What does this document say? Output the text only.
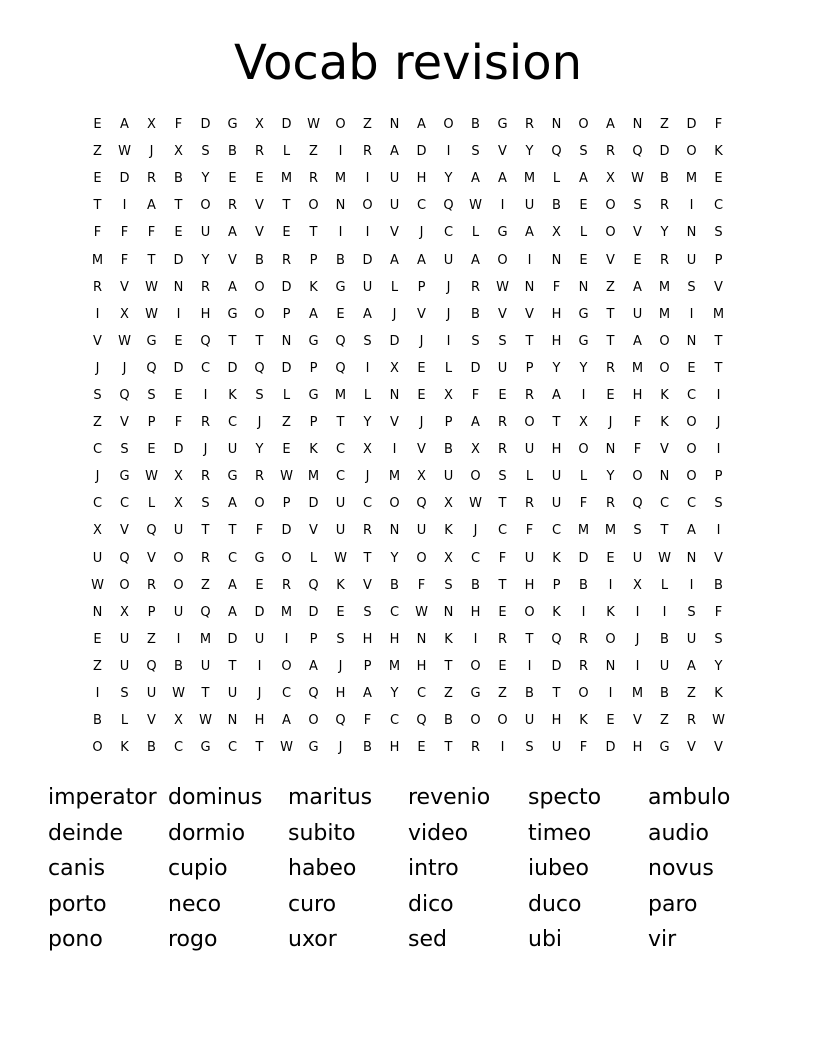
Vocab revision
E	A	X	F	D	G	X	D	W	O	Z	N	A	O	B	G	R	N	O	A	N	Z	D	F
Z	W	J	X	S	B	R	L	Z	I	R	A	D	I	S	V	Y	Q	S	R	Q	D	O	K
E	D	R	B	Y	E	E	M	R	M	I	U	H	Y	A	A	M	L	A	X	W	B	M	E
T	I	A	T	O	R	V	T	O	N	O	U	C	Q	W	I	U	B	E	O	S	R	I	C
F	F	F	E	U	A	V	E	T	I	I	V	J	C	L	G	A	X	L	O	V	Y	N	S
M	F	T	D	Y	V	B	R	P	B	D	A	A	U	A	O	I	N	E	V	E	R	U	P
R	V	W	N	R	A	O	D	K	G	U	L	P	J	R	W	N	F	N	Z	A	M	S	V
I	X	W	I	H	G	O	P	A	E	A	J	V	J	B	V	V	H	G	T	U	M	I	M
V	W	G	E	Q	T	T	N	G	Q	S	D	J	I	S	S	T	H	G	T	A	O	N	T
J	J	Q	D	C	D	Q	D	P	Q	I	X	E	L	D	U	P	Y	Y	R	M	O	E	T
S	Q	S	E	I	K	S	L	G	M	L	N	E	X	F	E	R	A	I	E	H	K	C	I
Z	V	P	F	R	C	J	Z	P	T	Y	V	J	P	A	R	O	T	X	J	F	K	O	J
C	S	E	D	J	U	Y	E	K	C	X	I	V	B	X	R	U	H	O	N	F	V	O	I
J	G	W	X	R	G	R	W	M	C	J	M	X	U	O	S	L	U	L	Y	O	N	O	P
C	C	L	X	S	A	O	P	D	U	C	O	Q	X	W	T	R	U	F	R	Q	C	C	S
X	V	Q	U	T	T	F	D	V	U	R	N	U	K	J	C	F	C	M	M	S	T	A	I
U	Q	V	O	R	C	G	O	L	W	T	Y	O	X	C	F	U	K	D	E	U	W	N	V
W	O	R	O	Z	A	E	R	Q	K	V	B	F	S	B	T	H	P	B	I	X	L	I	B
N	X	P	U	Q	A	D	M	D	E	S	C	W	N	H	E	O	K	I	K	I	I	S	F
E	U	Z	I	M	D	U	I	P	S	H	H	N	K	I	R	T	Q	R	O	J	B	U	S
Z	U	Q	B	U	T	I	O	A	J	P	M	H	T	O	E	I	D	R	N	I	U	A	Y
I	S	U	W	T	U	J	C	Q	H	A	Y	C	Z	G	Z	B	T	O	I	M	B	Z	K
B	L	V	X	W	N	H	A	O	Q	F	C	Q	B	O	O	U	H	K	E	V	Z	R	W
O	K	B	C	G	C	T	W	G	J	B	H	E	T	R	I	S	U	F	D	H	G	V	V
imperator dominus	maritus	revenio	specto	ambulo
deinde	dormio	subito	video	timeo	audio
canis	cupio	habeo	intro	iubeo	novus
porto	neco	curo	dico	duco	paro
pono	rogo	uxor	sed	ubi	vir
